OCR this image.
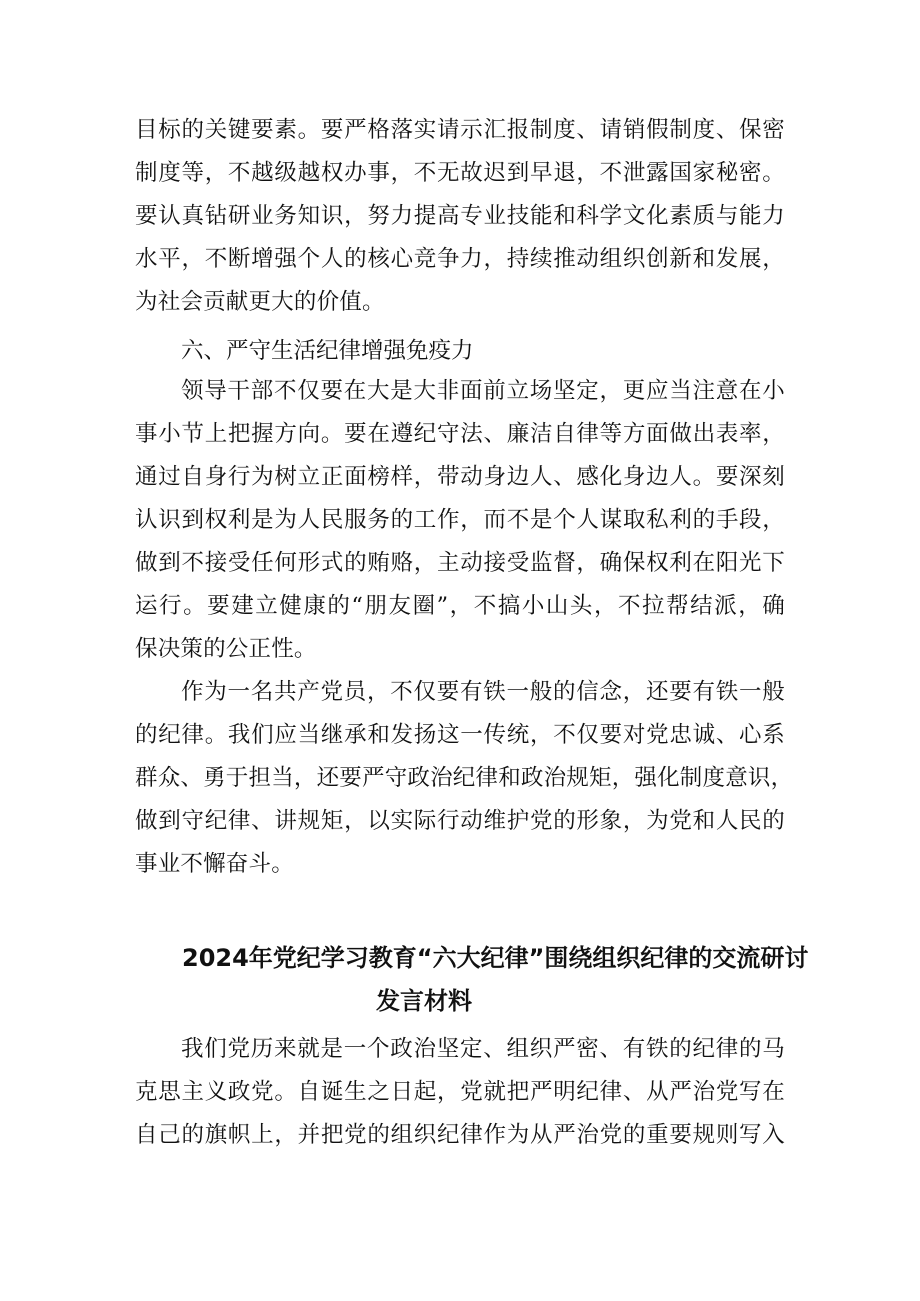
目标的关键要素。要严格落实请示汇报制度、请销假制度、保密
制度等，不越级越权办事，不无故迟到早退，不泄露国家秘密。
要认真钻研业务知识，努力提高专业技能和科学文化素质与能力
水平，不断增强个人的核心竞争力，持续推动组织创新和发展，
为社会贡献更大的价值。
六、严守生活纪律增强免疫力
领导干部不仅要在大是大非面前立场坚定，更应当注意在小
事小节上把握方向。要在遵纪守法、廉洁自律等方面做出表率，
通过自身行为树立正面榜样，带动身边人、感化身边人。要深刻
认识到权利是为人民服务的工作，而不是个人谋取私利的手段，
做到不接受任何形式的贿赂，主动接受监督，确保权利在阳光下
运行。要建立健康的“朋友圈”，不搞小山头，不拉帮结派，确
保决策的公正性。
作为一名共产党员，不仅要有铁一般的信念，还要有铁一般
的纪律。我们应当继承和发扬这一传统，不仅要对党忠诚、心系
群众、勇于担当，还要严守政治纪律和政治规矩，强化制度意识，
做到守纪律、讲规矩，以实际行动维护党的形象，为党和人民的
事业不懈奋斗。
2024年党纪学习教育“六大纪律”围绕组织纪律的交流研讨
发言材料
我们党历来就是一个政治坚定、组织严密、有铁的纪律的马
克思主义政党。自诞生之日起，党就把严明纪律、从严治党写在
自己的旗帜上，并把党的组织纪律作为从严治党的重要规则写入
